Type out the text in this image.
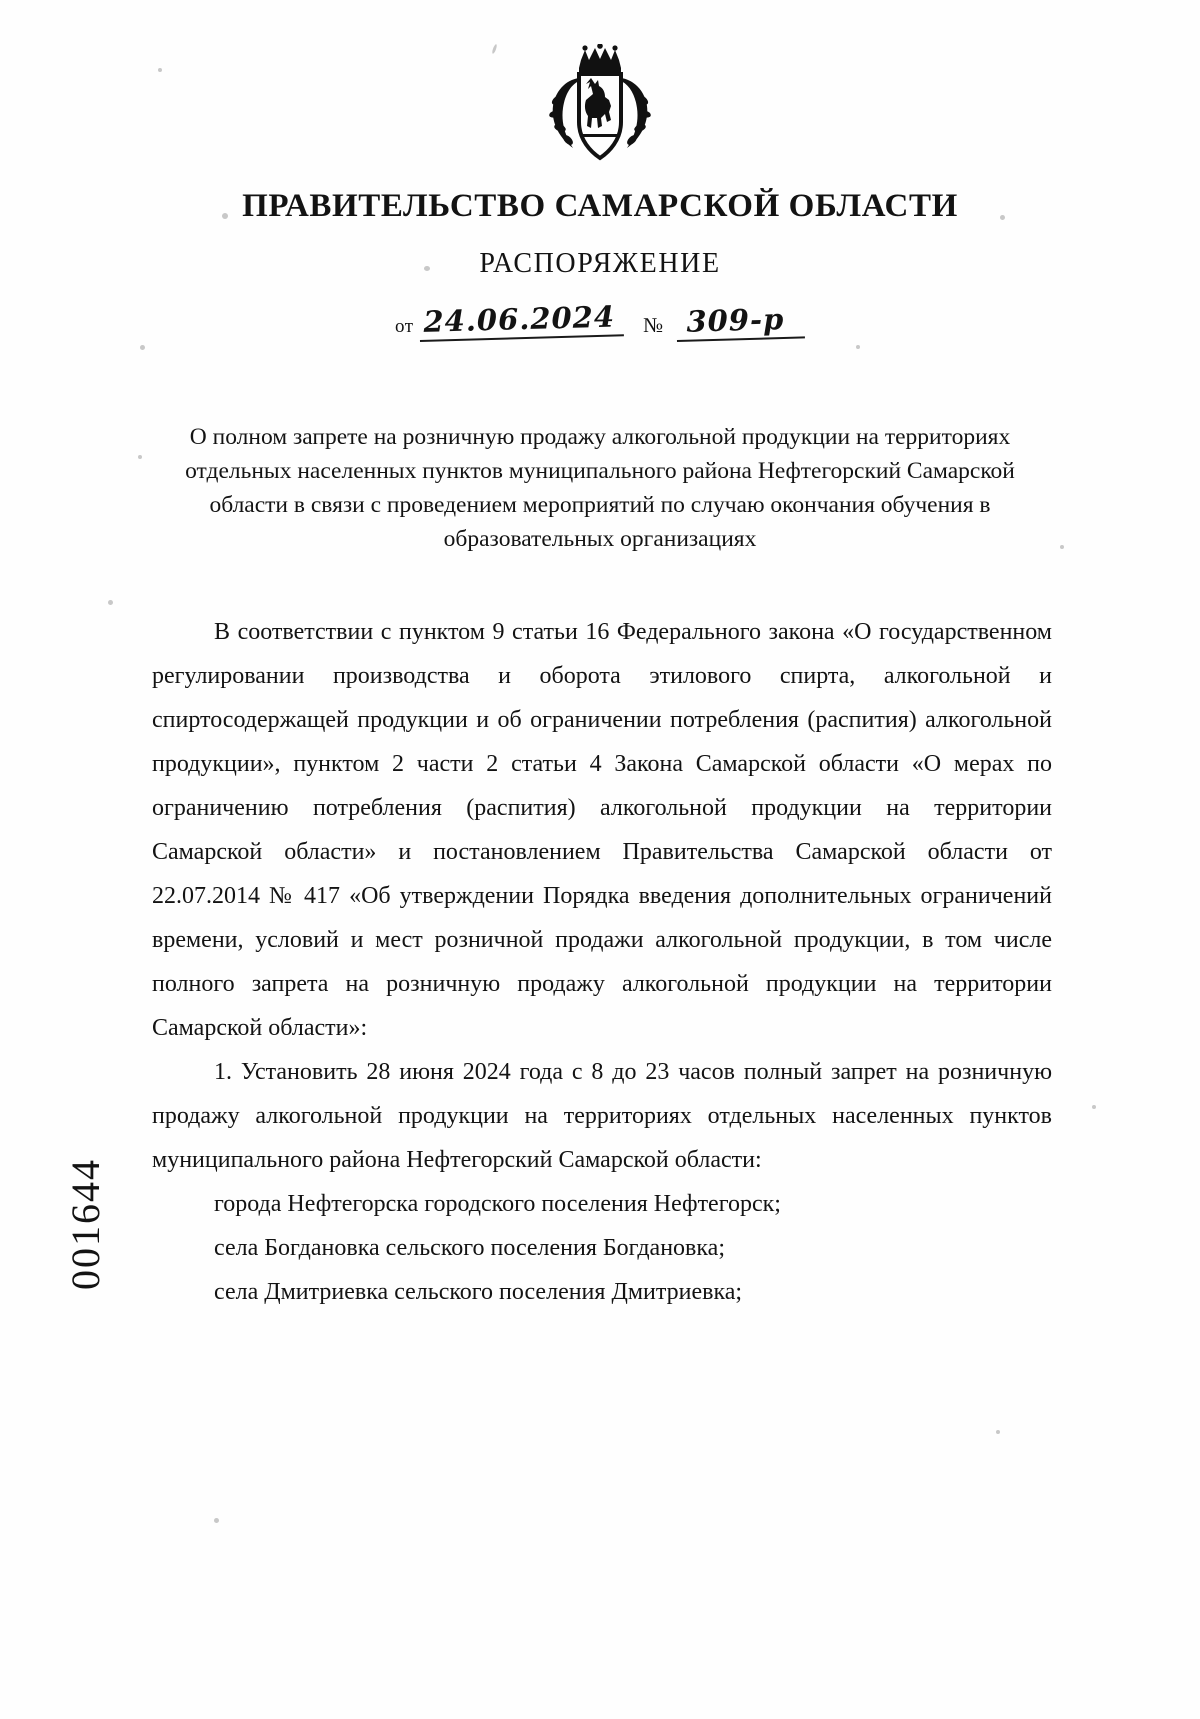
ПРАВИТЕЛЬСТВО САМАРСКОЙ ОБЛАСТИ
РАСПОРЯЖЕНИЕ
от 24.06.2024	№ 309-р
О полном запрете на розничную продажу алкогольной продукции на территориях отдельных населенных пунктов муниципального района Нефтегорский Самарской области в связи с проведением мероприятий по случаю окончания обучения в образовательных организациях

В соответствии с пунктом 9 статьи 16 Федерального закона «О государственном регулировании производства и оборота этилового спирта, алкогольной и спиртосодержащей продукции и об ограничении потребления (распития) алкогольной продукции», пунктом 2 части 2 статьи 4 Закона Самарской области «О мерах по ограничению потребления (распития) алкогольной продукции на территории Самарской области» и постановлением Правительства Самарской области от 22.07.2014 № 417 «Об утверждении Порядка введения дополнительных ограничений времени, условий и мест розничной продажи алкогольной продукции, в том числе полного запрета на розничную продажу алкогольной продукции на территории Самарской области»:

1. Установить 28 июня 2024 года с 8 до 23 часов полный запрет на розничную продажу алкогольной продукции на территориях отдельных населенных пунктов муниципального района Нефтегорский Самарской области:

города Нефтегорска городского поселения Нефтегорск;
села Богдановка сельского поселения Богдановка;
села Дмитриевка сельского поселения Дмитриевка;
001644
